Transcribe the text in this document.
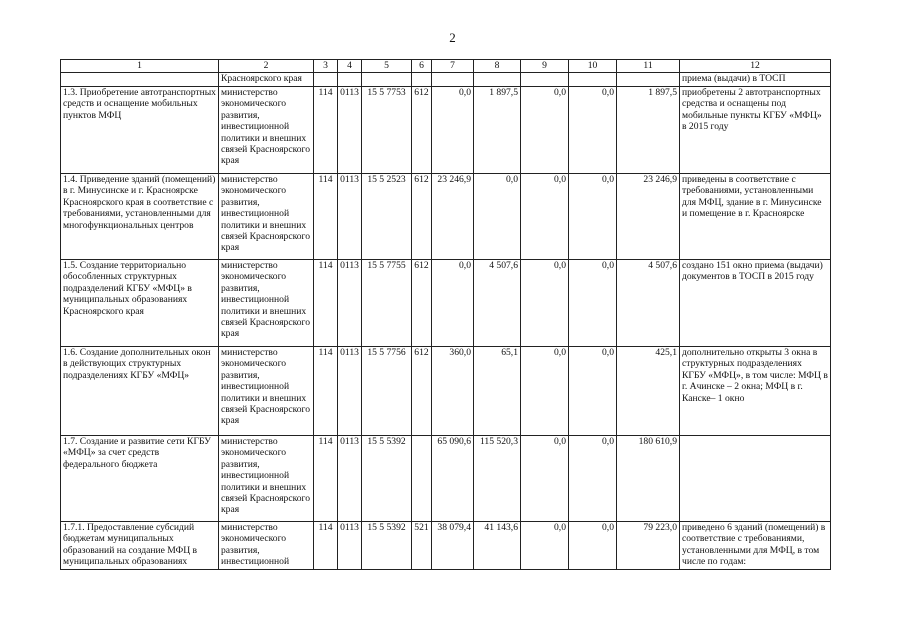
2
1	2	3	4	5	6	7	8	9	10	11	12
	Красноярского края										приема (выдачи) в ТОСП
1.3. Приобретение автотранспортных средств и оснащение мобильных пунктов МФЦ	министерство экономического развития, инвестиционной политики и внешних связей Красноярского края	114	0113	15 5 7753	612	0,0	1 897,5	0,0	0,0	1 897,5	приобретены 2 автотранспортных средства и оснащены под мобильные пункты КГБУ «МФЦ» в 2015 году
1.4. Приведение зданий (помещений) в г. Минусинске и г. Красноярске Красноярского края в соответствие с требованиями, установленными для многофункциональных центров	министерство экономического развития, инвестиционной политики и внешних связей Красноярского края	114	0113	15 5 2523	612	23 246,9	0,0	0,0	0,0	23 246,9	приведены в соответствие с требованиями, установленными для МФЦ, здание в г. Минусинске и помещение в г. Красноярске
1.5. Создание территориально обособленных структурных подразделений КГБУ «МФЦ» в муниципальных образованиях Красноярского края	министерство экономического развития, инвестиционной политики и внешних связей Красноярского края	114	0113	15 5 7755	612	0,0	4 507,6	0,0	0,0	4 507,6	создано 151 окно приема (выдачи) документов в ТОСП в 2015 году
1.6. Создание дополнительных окон в действующих структурных подразделениях КГБУ «МФЦ»	министерство экономического развития, инвестиционной политики и внешних связей Красноярского края	114	0113	15 5 7756	612	360,0	65,1	0,0	0,0	425,1	дополнительно открыты 3 окна в структурных подразделениях КГБУ «МФЦ», в том числе: МФЦ в г. Ачинске – 2 окна; МФЦ в г. Канске– 1 окно
1.7. Создание и развитие сети КГБУ «МФЦ» за счет средств федерального бюджета	министерство экономического развития, инвестиционной политики и внешних связей Красноярского края	114	0113	15 5 5392		65 090,6	115 520,3	0,0	0,0	180 610,9	
1.7.1. Предоставление субсидий бюджетам муниципальных образований на создание МФЦ в муниципальных образованиях	министерство экономического развития, инвестиционной	114	0113	15 5 5392	521	38 079,4	41 143,6	0,0	0,0	79 223,0	приведено 6 зданий (помещений) в соответствие с требованиями, установленными для МФЦ, в том числе по годам:
